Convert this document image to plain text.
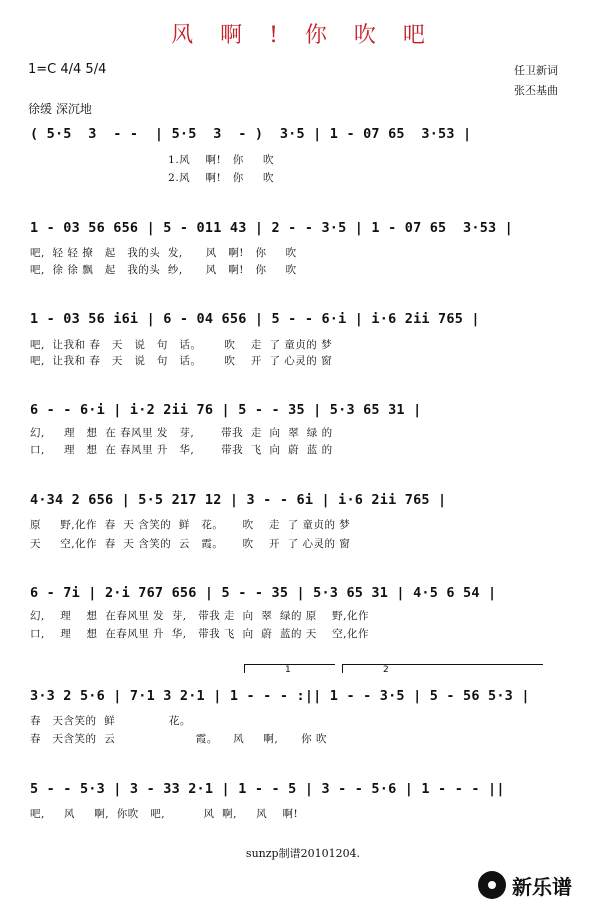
风 啊 ! 你 吹 吧
1=C 4/4 5/4	任卫新词
张丕基曲
徐缓 深沉地
( 5·5  3  - -  | 5·5  3  - )  3·5 | 1 - 07 65  3·53 |
1.风    啊!   你     吹
2.风    啊!   你     吹
1 - 03 56 656 | 5 - 011 43 | 2 - - 3·5 | 1 - 07 65  3·53 |
吧,  轻 轻 撩   起   我的头  发,      风   啊!   你     吹
吧,  徐 徐 飘   起   我的头  纱,      风   啊!   你     吹
1 - 03 56 i6i | 6 - 04 656 | 5 - - 6·i | i·6 2ii 765 |
吧,  让我和 春   天   说   句   话。      吹    走  了 童贞的 梦
吧,  让我和 春   天   说   句   话。      吹    开  了 心灵的 窗
6 - - 6·i | i·2 2ii 76 | 5 - - 35 | 5·3 65 31 |
幻,     理   想  在 春风里 发   芽,       带我  走  向  翠  绿 的
口,     理   想  在 春风里 升   华,       带我  飞  向  蔚  蓝 的
4·34 2 656 | 5·5 217 12 | 3 - - 6i | i·6 2ii 765 |
原     野,化作  春  天 含笑的  鲜   花。     吹    走  了 童贞的 梦
天     空,化作  春  天 含笑的  云   霞。     吹    开  了 心灵的 窗
6 - 7i | 2·i 767 656 | 5 - - 35 | 5·3 65 31 | 4·5 6 54 |
幻,    理    想  在春风里 发  芽,   带我 走  向  翠  绿的 原    野,化作
口,    理    想  在春风里 升  华,   带我 飞  向  蔚  蓝的 天    空,化作
1	2
3·3 2 5·6 | 7·1 3 2·1 | 1 - - - :|| 1 - - 3·5 | 5 - 56 5·3 |
春   天含笑的  鲜              花。
春   天含笑的  云                     霞。    风     啊,      你 吹
5 - - 5·3 | 3 - 33 2·1 | 1 - - 5 | 3 - - 5·6 | 1 - - - ||
吧,     风     啊,  你吹   吧,          风  啊,     风    啊!
sunzp制谱20101204.
新乐谱
